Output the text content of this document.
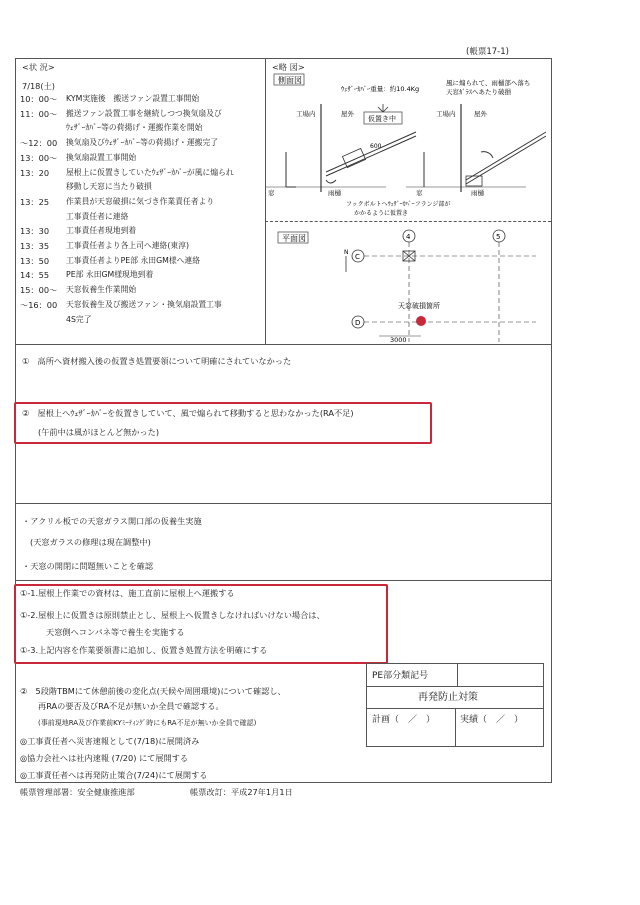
(帳票17-1)
<状 況>
7/18(土)
10：00～ KYM実施後　搬送ファン設置工事開始
11：00～ 搬送ファン設置工事を継続しつつ換気扇及び
ｳｪｻﾞｰｶﾊﾞｰ等の荷揚げ・運搬作業を開始
～12：00 換気扇及びｳｪｻﾞｰｶﾊﾞｰ等の荷揚げ・運搬完了
13：00～ 換気扇設置工事開始
13：20 屋根上に仮置きしていたｳｪｻﾞｰｶﾊﾞｰが風に煽られ
移動し天窓に当たり破損
13：25 作業員が天窓破損に気づき作業責任者より
工事責任者に連絡
13：30 工事責任者現地到着
13：35 工事責任者より各上司へ連絡(東淳)
13：50 工事責任者よりPE部 永田GM様へ連絡
14：55 PE部 永田GM様現地到着
15：00～ 天窓仮養生作業開始
～16：00 天窓仮養生及び搬送ファン・換気扇設置工事
4S完了
<略 図>
側面図
ｳｪｻﾞｰｶﾊﾞｰ重量：約10.4Kg
工場内	屋外
600
窓	雨樋
仮置き中
風に煽られて、雨樋部へ落ち
天窓ｶﾞﾗｽへあたり破損
工場内	屋外
窓	雨樋
フックボルトへｳｪｻﾞｰｶﾊﾞｰフランジ部が
かかるように仮置き
平面図
N
4	5
C
D
天窓破損箇所
3000
①　高所へ資材搬入後の仮置き処置要領について明確にされていなかった
②　屋根上へｳｪｻﾞｰｶﾊﾞｰを仮置きしていて、風で煽られて移動すると思わなかった(RA不足)
(午前中は風がほとんど無かった)
・アクリル板での天窓ガラス開口部の仮養生実施
(天窓ガラスの修理は現在調整中)
・天窓の開閉に問題無いことを確認
①-1.屋根上作業での資材は、施工直前に屋根上へ運搬する
①-2.屋根上に仮置きは原則禁止とし、屋根上へ仮置きしなければいけない場合は、
天窓側へコンパネ等で養生を実施する
①-3.上記内容を作業要領書に追加し、仮置き処置方法を明確にする
②　5段階TBMにて休憩前後の変化点(天候や周囲環境)について確認し、
再RAの要否及びRA不足が無いか全員で確認する。
(事前現地RA及び作業前KYﾐｰﾃｨﾝｸﾞ時にもRA不足が無いか全員で確認)
◎工事責任者へ災害速報として(7/18)に展開済み
◎協力会社へは社内速報 (7/20) にて展開する
◎工事責任者へは再発防止策合(7/24)にて展開する
PE部分類記号
再発防止対策
計画（　／　）	実績（　／　）
帳票管理部署：安全健康推進部	帳票改訂：平成27年1月1日
